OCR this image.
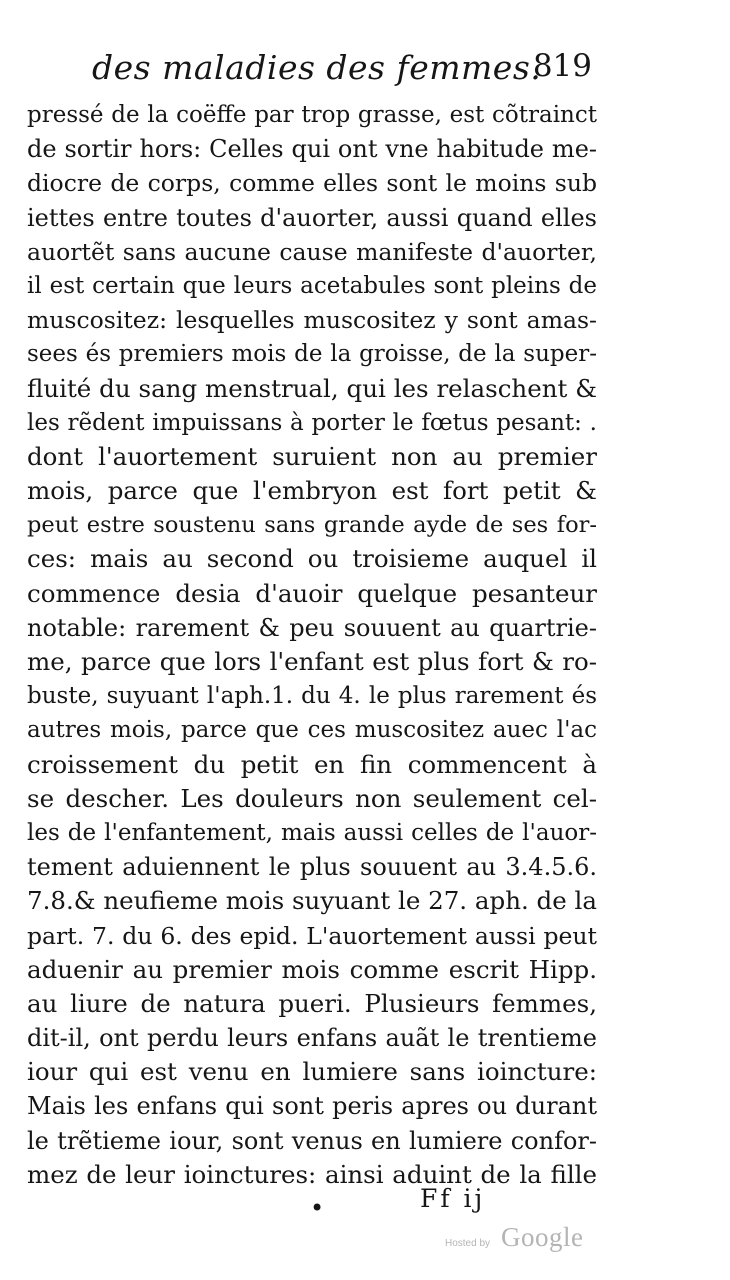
des maladies des femmes.
819
pressé de la coëffe par trop grasse, est cõtrainct
de sortir hors: Celles qui ont vne habitude me-
diocre de corps, comme elles sont le moins sub
iettes entre toutes d'auorter, aussi quand elles
auortẽt sans aucune cause manifeste d'auorter,
il est certain que leurs acetabules sont pleins de
muscositez: lesquelles muscositez y sont amas-
sees és premiers mois de la groisse, de la super-
fluité du sang menstrual, qui les relaschent &
les rẽdent impuissans à porter le fœtus pesant: .
dont l'auortement suruient non au premier
mois, parce que l'embryon est fort petit &
peut estre soustenu sans grande ayde de ses for-
ces: mais au second ou troisieme auquel il
commence desia d'auoir quelque pesanteur
notable: rarement & peu souuent au quartrie-
me, parce que lors l'enfant est plus fort & ro-
buste, suyuant l'aph.1. du 4. le plus rarement és
autres mois, parce que ces muscositez auec l'ac
croissement du petit en fin commencent à
se descher. Les douleurs non seulement cel-
les de l'enfantement, mais aussi celles de l'auor-
tement aduiennent le plus souuent au 3.4.5.6.
7.8.& neufieme mois suyuant le 27. aph. de la
part. 7. du 6. des epid. L'auortement aussi peut
aduenir au premier mois comme escrit Hipp.
au liure de natura pueri. Plusieurs femmes,
dit-il, ont perdu leurs enfans auãt le trentieme
iour qui est venu en lumiere sans ioincture:
Mais les enfans qui sont peris apres ou durant
le trẽtieme iour, sont venus en lumiere confor-
mez de leur ioinctures: ainsi aduint de la fille
•	Ff ij
Hosted by Google
